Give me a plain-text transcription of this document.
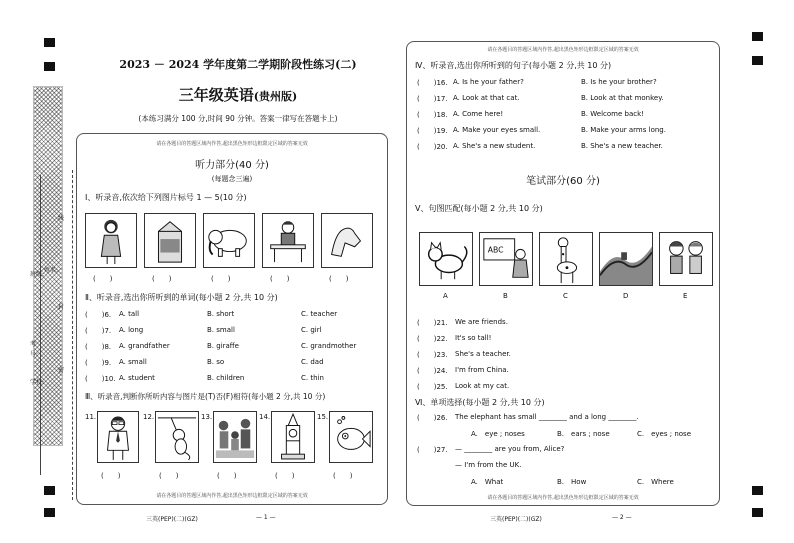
学校:
班级:
姓名:
考
号:
线
封
密
2023 － 2024 学年度第二学期阶段性练习(二)
三年级英语(贵州版)
(本练习满分 100 分,时间 90 分钟。答案一律写在答题卡上)
请在各题目的答题区域内作答,超出黑色矩形边框限定区域的答案无效
听力部分(40 分)
(每题念三遍)
Ⅰ、听录音,依次给下列图片标号 1 — 5(10 分)
(　　)	(　　)	(　　)	(　　)	(　　)
Ⅱ、听录音,选出你所听到的单词(每小题 2 分,共 10 分)
(　　)6. A. tall	B. short	C. teacher
(　　)7. A. long	B. small	C. girl
(　　)8. A. grandfather	B. giraffe	C. grandmother
(　　)9. A. small	B. so	C. dad
(　　)10. A. student	B. children	C. thin
Ⅲ、听录音,判断你所听内容与图片是(T)否(F)相符(每小题 2 分,共 10 分)
11.	12.	13.	14.	15.
(　　)	(　　)	(　　)	(　　)	(　　)
请在各题目的答题区域内作答,超出黑色矩形边框限定区域的答案无效
三英(PEP)(二)(GZ)	— 1 —
请在各题目的答题区域内作答,超出黑色矩形边框限定区域的答案无效
Ⅳ、听录音,选出你所听到的句子(每小题 2 分,共 10 分)
(　　)16. A. Is he your father?	B. Is he your brother?
(　　)17. A. Look at that cat.	B. Look at that monkey.
(　　)18. A. Come here!	B. Welcome back!
(　　)19. A. Make your eyes small.	B. Make your arms long.
(　　)20. A. She's a new student.	B. She's a new teacher.
笔试部分(60 分)
Ⅴ、句图匹配(每小题 2 分,共 10 分)
ABC
A	B	C	D	E
(　　)21. We are friends.
(　　)22. It's so tall!
(　　)23. She's a teacher.
(　　)24. I'm from China.
(　　)25. Look at my cat.
Ⅵ、单项选择(每小题 2 分,共 10 分)
(　　)26. The elephant has small ________ and a long ________.
A.　eye ; noses	B.　ears ; nose	C.　eyes ; nose
(　　)27. — ________ are you from, Alice?
— I'm from the UK.
A.　What	B.　How	C.　Where
请在各题目的答题区域内作答,超出黑色矩形边框限定区域的答案无效
三英(PEP)(二)(GZ)	— 2 —
